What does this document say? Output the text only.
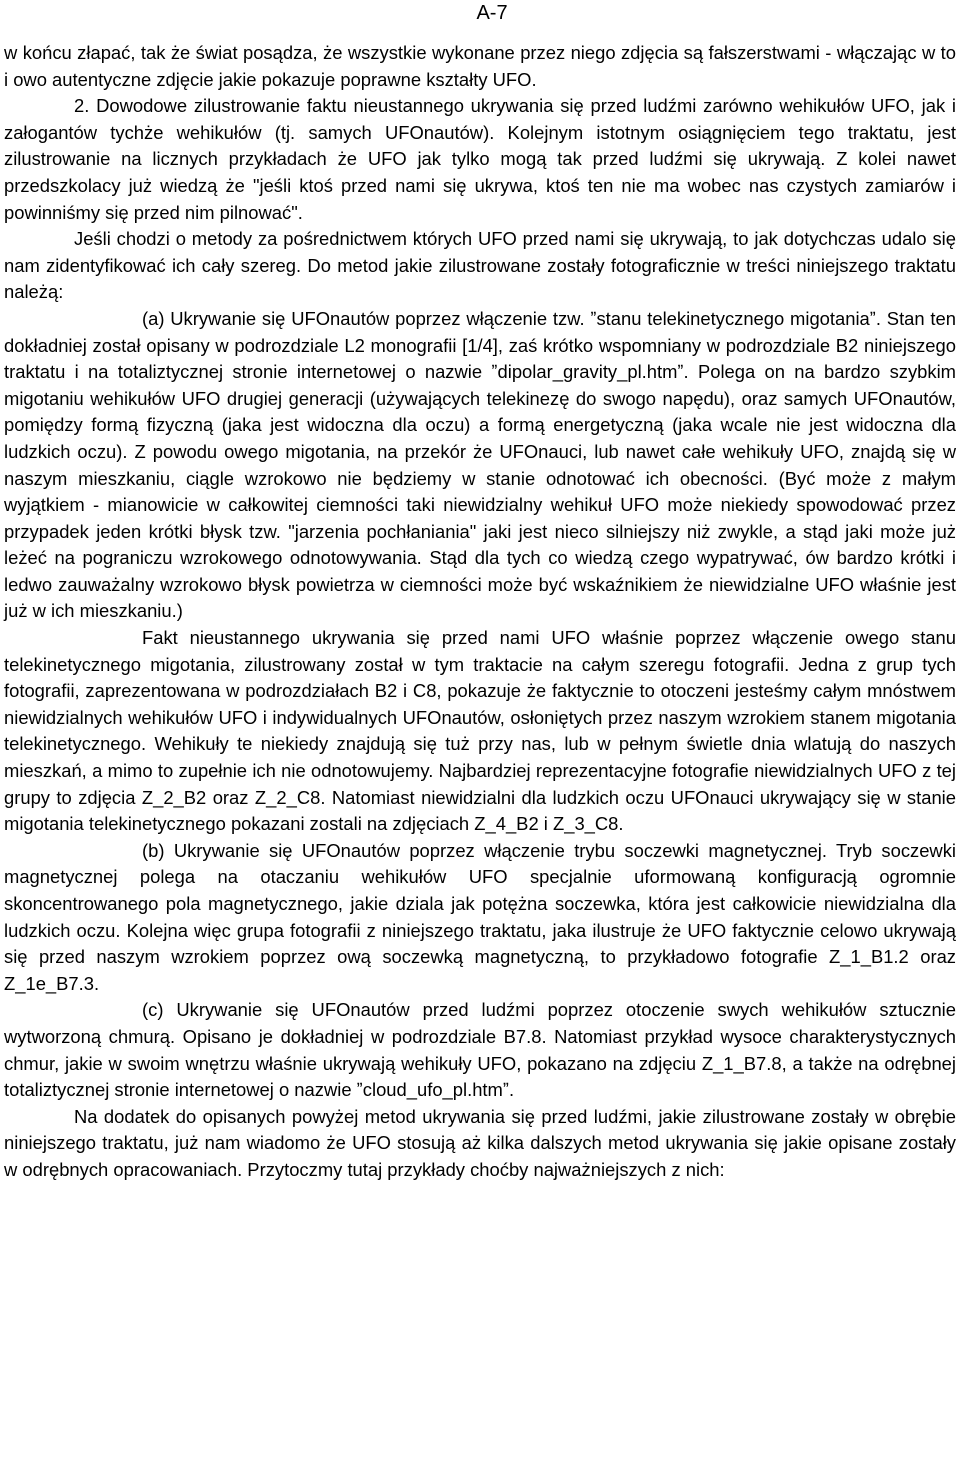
A-7

w końcu złapać, tak że świat posądza, że wszystkie wykonane przez niego zdjęcia są fałszerstwami - włączając w to i owo autentyczne zdjęcie jakie pokazuje poprawne kształty UFO.

2. Dowodowe zilustrowanie faktu nieustannego ukrywania się przed ludźmi zarówno wehikułów UFO, jak i załogantów tychże wehikułów (tj. samych UFOnautów). Kolejnym istotnym osiągnięciem tego traktatu, jest zilustrowanie na licznych przykładach że UFO jak tylko mogą tak przed ludźmi się ukrywają. Z kolei nawet przedszkolacy już wiedzą że "jeśli ktoś przed nami się ukrywa, ktoś ten nie ma wobec nas czystych zamiarów i powinniśmy się przed nim pilnować".

Jeśli chodzi o metody za pośrednictwem których UFO przed nami się ukrywają, to jak dotychczas udalo się nam zidentyfikować ich cały szereg. Do metod jakie zilustrowane zostały fotograficznie w treści niniejszego traktatu należą:

(a) Ukrywanie się UFOnautów poprzez włączenie tzw. ˮstanu telekinetycznego migotaniaˮ. Stan ten dokładniej został opisany w podrozdziale L2 monografii [1/4], zaś krótko wspomniany w podrozdziale B2 niniejszego traktatu i na totaliztycznej stronie internetowej o nazwie ˮdipolar_gravity_pl.htmˮ. Polega on na bardzo szybkim migotaniu wehikułów UFO drugiej generacji (używających telekinezę do swogo napędu), oraz samych UFOnautów, pomiędzy formą fizyczną (jaka jest widoczna dla oczu) a formą energetyczną (jaka wcale nie jest widoczna dla ludzkich oczu). Z powodu owego migotania, na przekór że UFOnauci, lub nawet całe wehikuły UFO, znajdą się w naszym mieszkaniu, ciągle wzrokowo nie będziemy w stanie odnotować ich obecności. (Być może z małym wyjątkiem - mianowicie w całkowitej ciemności taki niewidzialny wehikuł UFO może niekiedy spowodować przez przypadek jeden krótki błysk tzw. "jarzenia pochłaniania" jaki jest nieco silniejszy niż zwykle, a stąd jaki może już leżeć na pograniczu wzrokowego odnotowywania. Stąd dla tych co wiedzą czego wypatrywać, ów bardzo krótki i ledwo zauważalny wzrokowo błysk powietrza w ciemności może być wskaźnikiem że niewidzialne UFO właśnie jest już w ich mieszkaniu.)

Fakt nieustannego ukrywania się przed nami UFO właśnie poprzez włączenie owego stanu telekinetycznego migotania, zilustrowany został w tym traktacie na całym szeregu fotografii. Jedna z grup tych fotografii, zaprezentowana w podrozdziałach B2 i C8, pokazuje że faktycznie to otoczeni jesteśmy całym mnóstwem niewidzialnych wehikułów UFO i indywidualnych UFOnautów, osłoniętych przez naszym wzrokiem stanem migotania telekinetycznego. Wehikuły te niekiedy znajdują się tuż przy nas, lub w pełnym świetle dnia wlatują do naszych mieszkań, a mimo to zupełnie ich nie odnotowujemy. Najbardziej reprezentacyjne fotografie niewidzialnych UFO z tej grupy to zdjęcia Z_2_B2 oraz Z_2_C8. Natomiast niewidzialni dla ludzkich oczu UFOnauci ukrywający się w stanie migotania telekinetycznego pokazani zostali na zdjęciach Z_4_B2 i Z_3_C8.

(b) Ukrywanie się UFOnautów poprzez włączenie trybu soczewki magnetycznej. Tryb soczewki magnetycznej polega na otaczaniu wehikułów UFO specjalnie uformowaną konfiguracją ogromnie skoncentrowanego pola magnetycznego, jakie dziala jak potężna soczewka, która jest całkowicie niewidzialna dla ludzkich oczu. Kolejna więc grupa fotografii z niniejszego traktatu, jaka ilustruje że UFO faktycznie celowo ukrywają się przed naszym wzrokiem poprzez ową soczewką magnetyczną, to przykładowo fotografie Z_1_B1.2 oraz Z_1e_B7.3.

(c) Ukrywanie się UFOnautów przed ludźmi poprzez otoczenie swych wehikułów sztucznie wytworzoną chmurą. Opisano je dokładniej w podrozdziale B7.8. Natomiast przykład wysoce charakterystycznych chmur, jakie w swoim wnętrzu właśnie ukrywają wehikuły UFO, pokazano na zdjęciu Z_1_B7.8, a także na odrębnej totaliztycznej stronie internetowej o nazwie ˮcloud_ufo_pl.htmˮ.

Na dodatek do opisanych powyżej metod ukrywania się przed ludźmi, jakie zilustrowane zostały w obrębie niniejszego traktatu, już nam wiadomo że UFO stosują aż kilka dalszych metod ukrywania się jakie opisane zostały w odrębnych opracowaniach. Przytoczmy tutaj przykłady choćby najważniejszych z nich:
